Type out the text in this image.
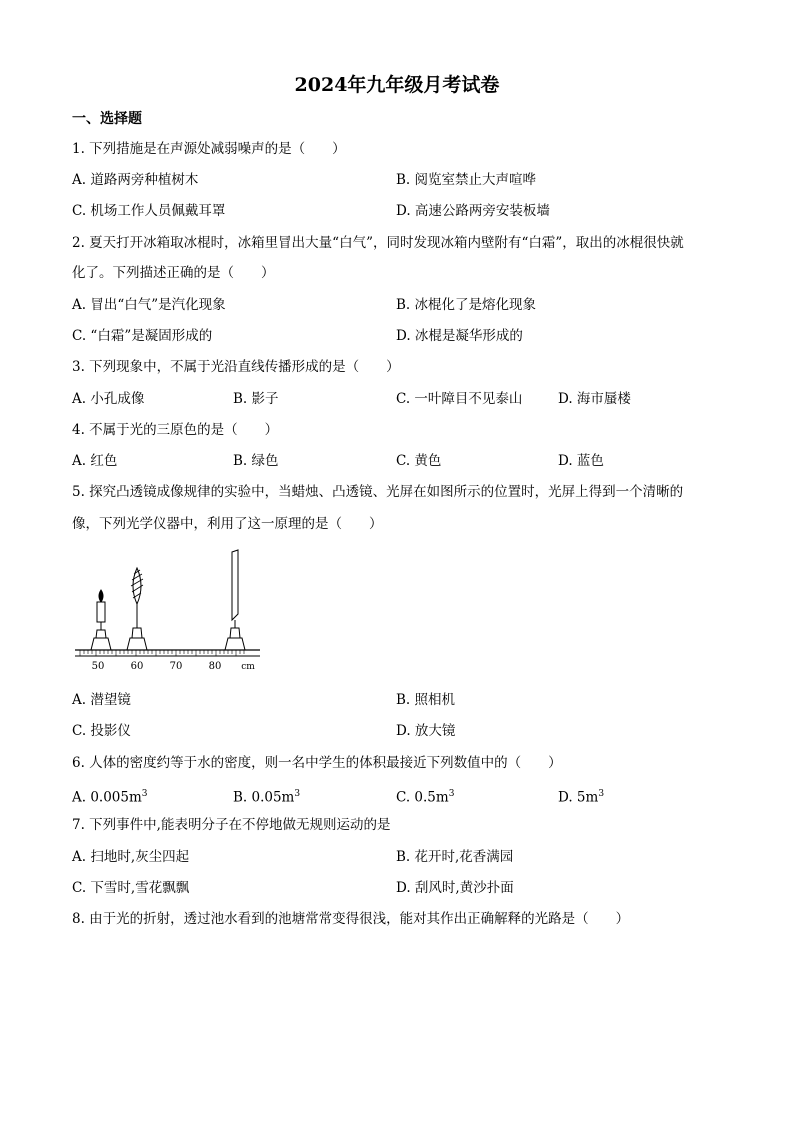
2024年九年级月考试卷
一、选择题
1. 下列措施是在声源处减弱噪声的是（　　）
A. 道路两旁种植树木	B. 阅览室禁止大声喧哗
C. 机场工作人员佩戴耳罩	D. 高速公路两旁安装板墙
2. 夏天打开冰箱取冰棍时，冰箱里冒出大量“白气”，同时发现冰箱内壁附有“白霜”，取出的冰棍很快就
化了。下列描述正确的是（　　）
A. 冒出“白气”是汽化现象	B. 冰棍化了是熔化现象
C. “白霜”是凝固形成的	D. 冰棍是凝华形成的
3. 下列现象中，不属于光沿直线传播形成的是（　　）
A. 小孔成像	B. 影子	C. 一叶障目不见泰山	D. 海市蜃楼
4. 不属于光的三原色的是（　　）
A. 红色	B. 绿色	C. 黄色	D. 蓝色
5. 探究凸透镜成像规律的实验中，当蜡烛、凸透镜、光屏在如图所示的位置时，光屏上得到一个清晰的
像，下列光学仪器中，利用了这一原理的是（　　）
50	60	70	80 cm
A. 潜望镜	B. 照相机
C. 投影仪	D. 放大镜
6. 人体的密度约等于水的密度，则一名中学生的体积最接近下列数值中的（　　）
A. $0.005m^3$	B. $0.05m^3$	C. $0.5m^3$	D. $5m^3$
7. 下列事件中,能表明分子在不停地做无规则运动的是
A. 扫地时,灰尘四起	B. 花开时,花香满园
C. 下雪时,雪花飘飘	D. 刮风时,黄沙扑面
8. 由于光的折射，透过池水看到的池塘常常变得很浅，能对其作出正确解释的光路是（　　）
